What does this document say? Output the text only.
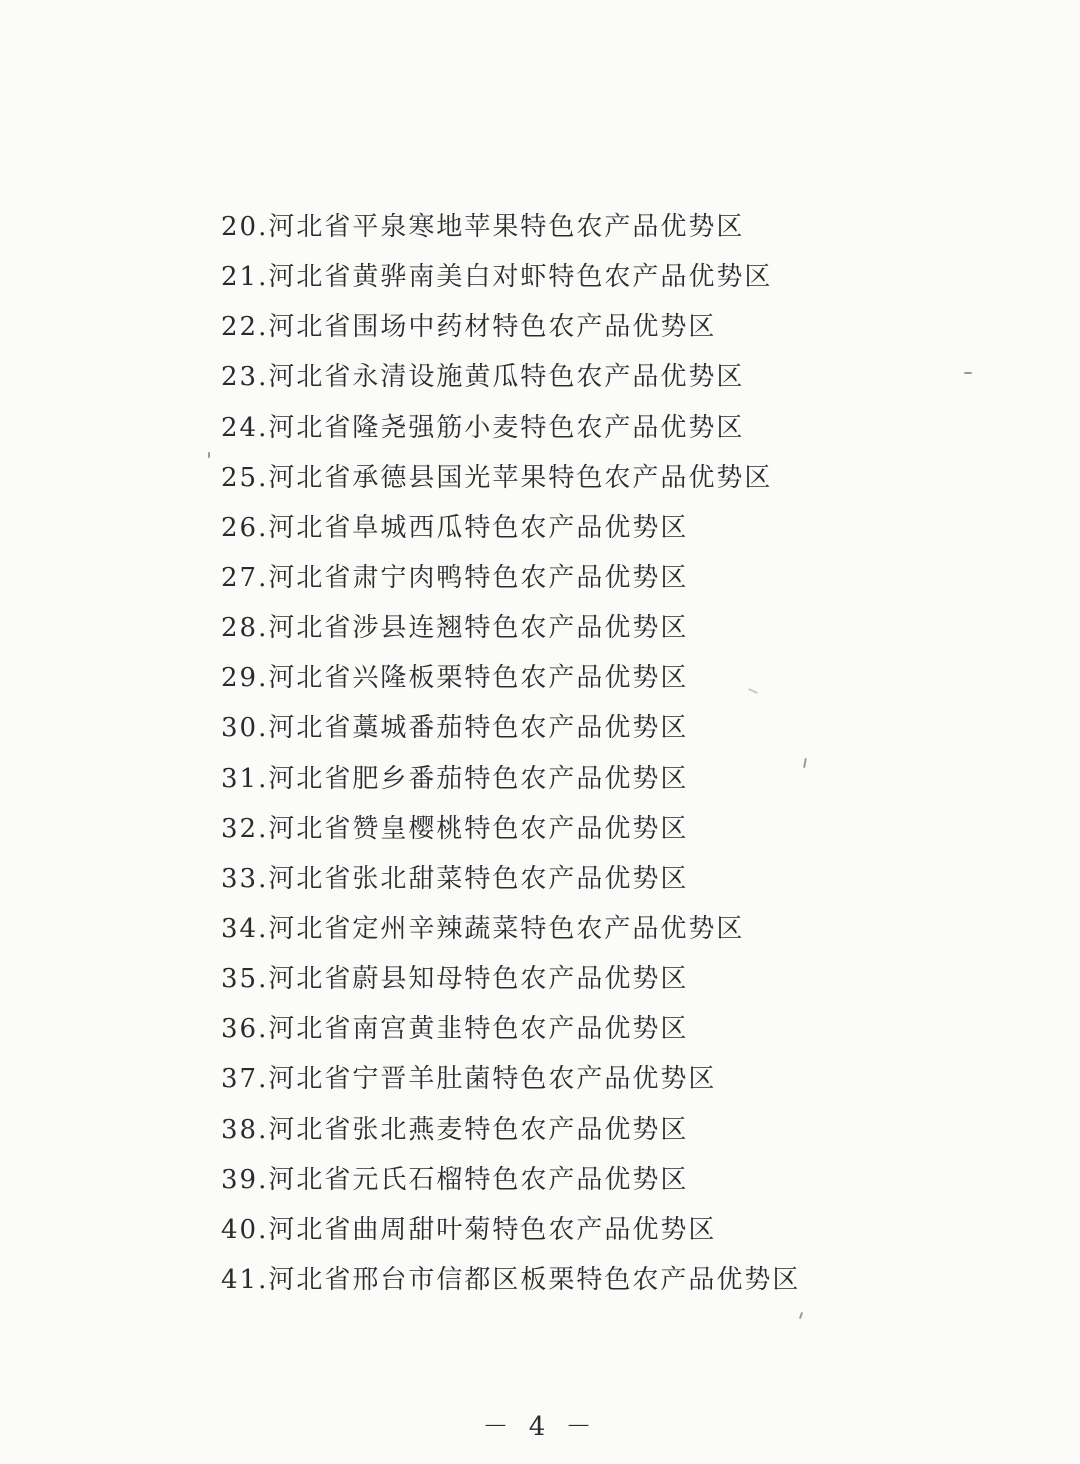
20.河北省平泉寒地苹果特色农产品优势区
21.河北省黄骅南美白对虾特色农产品优势区
22.河北省围场中药材特色农产品优势区
23.河北省永清设施黄瓜特色农产品优势区
24.河北省隆尧强筋小麦特色农产品优势区
25.河北省承德县国光苹果特色农产品优势区
26.河北省阜城西瓜特色农产品优势区
27.河北省肃宁肉鸭特色农产品优势区
28.河北省涉县连翘特色农产品优势区
29.河北省兴隆板栗特色农产品优势区
30.河北省藁城番茄特色农产品优势区
31.河北省肥乡番茄特色农产品优势区
32.河北省赞皇樱桃特色农产品优势区
33.河北省张北甜菜特色农产品优势区
34.河北省定州辛辣蔬菜特色农产品优势区
35.河北省蔚县知母特色农产品优势区
36.河北省南宫黄韭特色农产品优势区
37.河北省宁晋羊肚菌特色农产品优势区
38.河北省张北燕麦特色农产品优势区
39.河北省元氏石榴特色农产品优势区
40.河北省曲周甜叶菊特色农产品优势区
41.河北省邢台市信都区板栗特色农产品优势区
－ 4 －
